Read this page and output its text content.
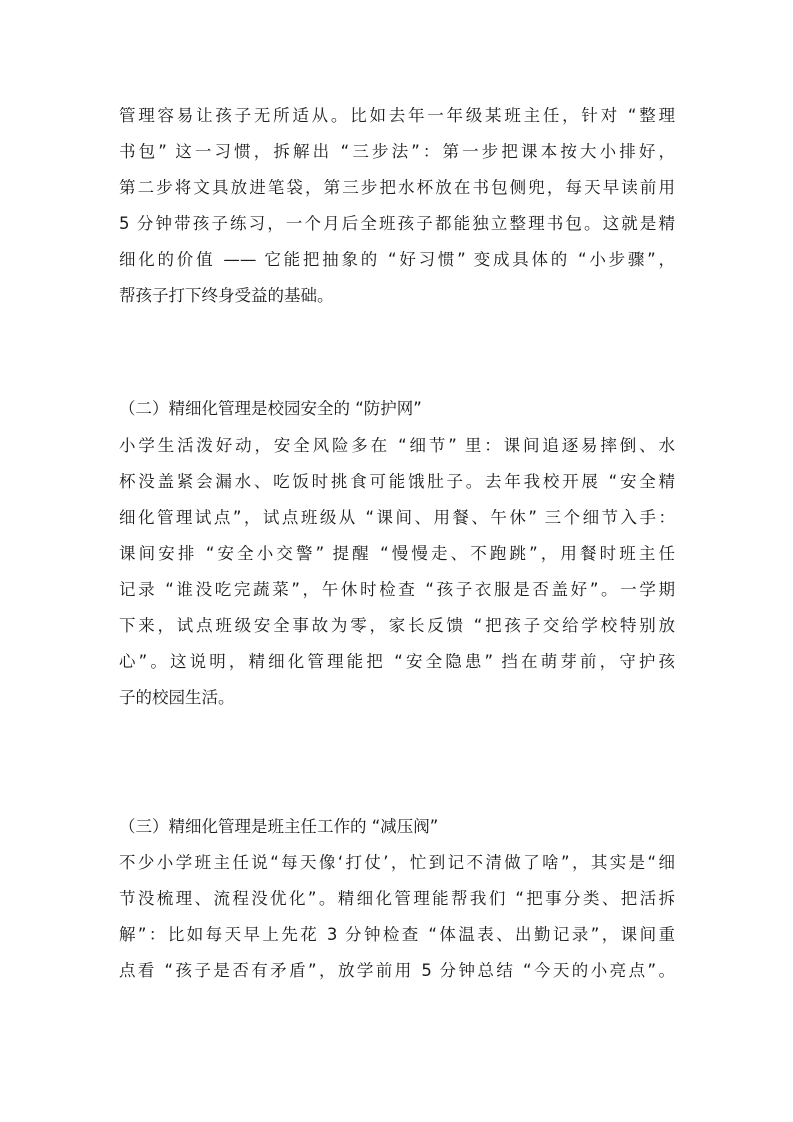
管理容易让孩子无所适从。比如去年一年级某班主任，针对 “整理
书包” 这一习惯，拆解出 “三步法”：第一步把课本按大小排好，
第二步将文具放进笔袋，第三步把水杯放在书包侧兜，每天早读前用
5 分钟带孩子练习，一个月后全班孩子都能独立整理书包。这就是精
细化的价值 —— 它能把抽象的 “好习惯” 变成具体的 “小步骤”，
帮孩子打下终身受益的基础。
（二）精细化管理是校园安全的 “防护网”
小学生活泼好动，安全风险多在 “细节” 里：课间追逐易摔倒、水
杯没盖紧会漏水、吃饭时挑食可能饿肚子。去年我校开展 “安全精
细化管理试点”，试点班级从 “课间、用餐、午休” 三个细节入手：
课间安排 “安全小交警” 提醒 “慢慢走、不跑跳”，用餐时班主任
记录 “谁没吃完蔬菜”，午休时检查 “孩子衣服是否盖好”。一学期
下来，试点班级安全事故为零，家长反馈 “把孩子交给学校特别放
心”。这说明，精细化管理能把 “安全隐患” 挡在萌芽前，守护孩
子的校园生活。
（三）精细化管理是班主任工作的 “减压阀”
不少小学班主任说“每天像‘打仗’，忙到记不清做了啥”，其实是“细
节没梳理、流程没优化”。精细化管理能帮我们 “把事分类、把活拆
解”：比如每天早上先花 3 分钟检查 “体温表、出勤记录”，课间重
点看 “孩子是否有矛盾”，放学前用 5 分钟总结 “今天的小亮点”。
